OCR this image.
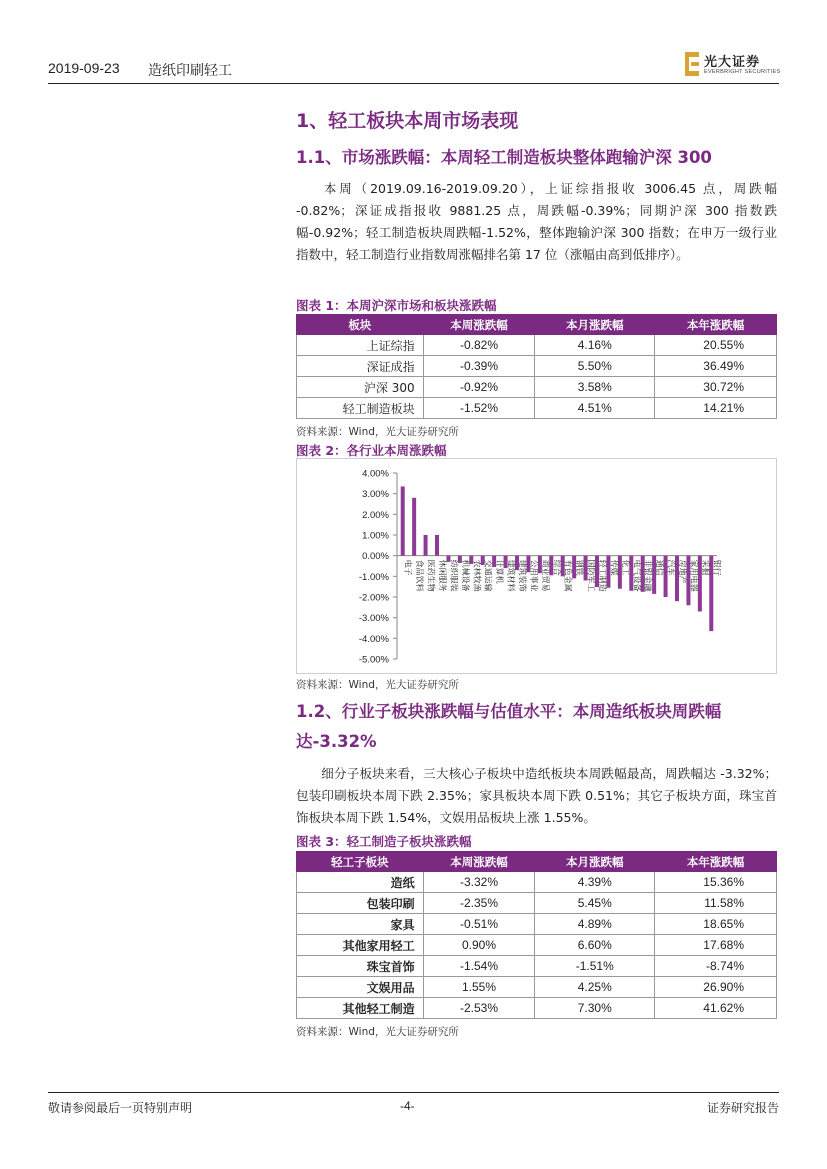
2019-09-23 造纸印刷轻工
光大证券
EVERBRIGHT SECURITIES
1、轻工板块本周市场表现
1.1、市场涨跌幅：本周轻工制造板块整体跑输沪深 300
本周（2019.09.16-2019.09.20），上证综指报收 3006.45 点，周跌幅 -0.82%；深证成指报收 9881.25 点，周跌幅-0.39%；同期沪深 300 指数跌幅-0.92%；轻工制造板块周跌幅-1.52%，整体跑输沪深 300 指数；在申万一级行业指数中，轻工制造行业指数周涨幅排名第 17 位（涨幅由高到低排序）。
图表 1：本周沪深市场和板块涨跌幅
板块	本周涨跌幅	本月涨跌幅	本年涨跌幅
上证综指	-0.82%	4.16%	20.55%
深证成指	-0.39%	5.50%	36.49%
沪深 300	-0.92%	3.58%	30.72%
轻工制造板块	-1.52%	4.51%	14.21%
资料来源：Wind，光大证券研究所
图表 2：各行业本周涨跌幅
4.00%
3.00%
2.00%
1.00%
0.00%
-1.00%
-2.00%
-3.00%
-4.00%
-5.00%
电子 食品饮料 医药生物 休闲服务 纺织服装 机械设备 农林牧渔 交通运输 计算机 建筑材料 建筑装饰 公用事业 商业贸易 综合 有色金属 钢铁 国防军工 轻工制造 传媒 化工 电气设备 非银金融 通信 汽车 房地产 家用电器 采掘 银行
资料来源：Wind，光大证券研究所
1.2、行业子板块涨跌幅与估值水平：本周造纸板块周跌幅达-3.32%
细分子板块来看，三大核心子板块中造纸板块本周跌幅最高，周跌幅达 -3.32%；包装印刷板块本周下跌 2.35%；家具板块本周下跌 0.51%；其它子板块方面，珠宝首饰板块本周下跌 1.54%，文娱用品板块上涨 1.55%。
图表 3：轻工制造子板块涨跌幅
轻工子板块	本周涨跌幅	本月涨跌幅	本年涨跌幅
造纸	-3.32%	4.39%	15.36%
包装印刷	-2.35%	5.45%	11.58%
家具	-0.51%	4.89%	18.65%
其他家用轻工	0.90%	6.60%	17.68%
珠宝首饰	-1.54%	-1.51%	-8.74%
文娱用品	1.55%	4.25%	26.90%
其他轻工制造	-2.53%	7.30%	41.62%
资料来源：Wind，光大证券研究所
敬请参阅最后一页特别声明	-4-	证券研究报告
